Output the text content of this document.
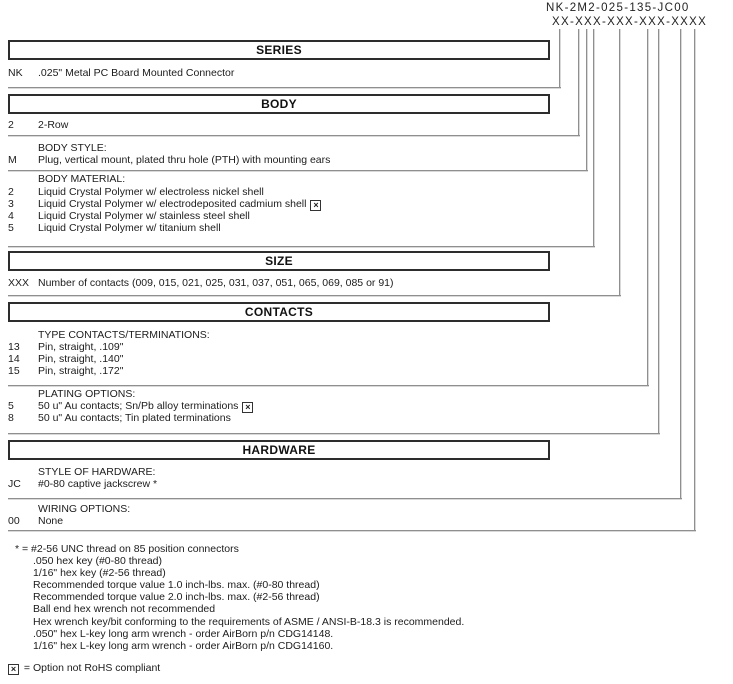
NK-2M2-025-135-JC00
XX-XXX-XXX-XXX-XXXX
SERIES
NK .025" Metal PC Board Mounted Connector
BODY
2 2-Row
BODY STYLE:
M Plug, vertical mount, plated thru hole (PTH) with mounting ears
BODY MATERIAL:
2 Liquid Crystal Polymer w/ electroless nickel shell
3 Liquid Crystal Polymer w/ electrodeposited cadmium shell ×
4 Liquid Crystal Polymer w/ stainless steel shell
5 Liquid Crystal Polymer w/ titanium shell
SIZE
XXX Number of contacts (009, 015, 021, 025, 031, 037, 051, 065, 069, 085 or 91)
CONTACTS
TYPE CONTACTS/TERMINATIONS:
13 Pin, straight, .109"
14 Pin, straight, .140"
15 Pin, straight, .172"
PLATING OPTIONS:
5 50 u" Au contacts; Sn/Pb alloy terminations ×
8 50 u" Au contacts; Tin plated terminations
HARDWARE
STYLE OF HARDWARE:
JC #0-80 captive jackscrew *
WIRING OPTIONS:
00 None
* = #2-56 UNC thread on 85 position connectors
.050 hex key (#0-80 thread)
1/16" hex key (#2-56 thread)
Recommended torque value 1.0 inch-lbs. max. (#0-80 thread)
Recommended torque value 2.0 inch-lbs. max. (#2-56 thread)
Ball end hex wrench not recommended
Hex wrench key/bit conforming to the requirements of ASME / ANSI-B-18.3 is recommended.
.050" hex L-key long arm wrench - order AirBorn p/n CDG14148.
1/16" hex L-key long arm wrench - order AirBorn p/n CDG14160.
× = Option not RoHS compliant
